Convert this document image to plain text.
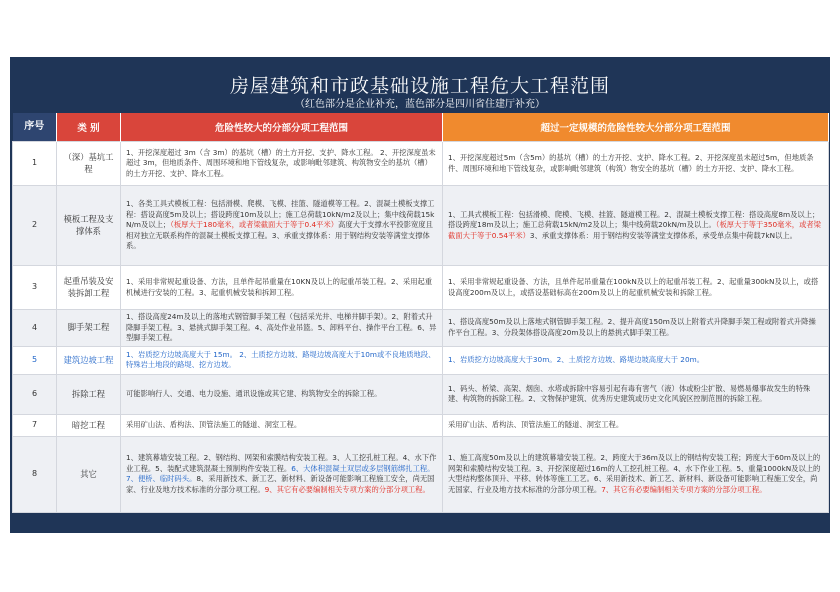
房屋建筑和市政基础设施工程危大工程范围
（红色部分是企业补充，蓝色部分是四川省住建厅补充）
序号	类 别	危险性较大的分部分项工程范围	超过一定规模的危险性较大分部分项工程范围
1	（深）基坑工程	1、开挖深度超过 3m（含 3m）的基坑（槽）的土方开挖、支护、降水工程。 2、开挖深度虽未超过 3m，但地质条件、周围环境和地下管线复杂，或影响毗邻建筑、构筑物安全的基坑（槽）的土方开挖、支护、降水工程。	1、开挖深度超过5m（含5m）的基坑（槽）的土方开挖、支护、降水工程。2、开挖深度虽未超过5m，但地质条件、周围环境和地下管线复杂，或影响毗邻建筑（构筑）物安全的基坑（槽）的土方开挖、支护、降水工程。
2	模板工程及支撑体系	1、各类工具式模板工程：包括滑模、爬模、飞模、挂篮、隧道模等工程。2、混凝土模板支撑工程：搭设高度5m及以上；搭设跨度10m及以上；施工总荷载10kN/m2及以上；集中线荷载15kN/m及以上；（板厚大于180毫米，或者梁截面大于等于0.4平米）高度大于支撑水平投影宽度且相对独立无联系构件的混凝土模板支撑工程。3、承重支撑体系：用于钢结构安装等满堂支撑体系。	1、工具式模板工程：包括滑模、爬模、飞模、挂篮、隧道模工程。2、混凝土模板支撑工程：搭设高度8m及以上；搭设跨度18m及以上；施工总荷载15kN/m2及以上；集中线荷载20kN/m及以上。（板厚大于等于350毫米，或者梁截面大于等于0.54平米）3、承重支撑体系：用于钢结构安装等满堂支撑体系，承受单点集中荷载7kN以上。
3	起重吊装及安装拆卸工程	1、采用非常规起重设备、方法，且单件起吊重量在10KN及以上的起重吊装工程。2、采用起重机械进行安装的工程。3、起重机械安装和拆卸工程。	1、采用非常规起重设备、方法，且单件起吊重量在100kN及以上的起重吊装工程。2、起重量300kN及以上，或搭设高度200m及以上，或搭设基础标高在200m及以上的起重机械安装和拆除工程。
4	脚手架工程	1、搭设高度24m及以上的落地式钢管脚手架工程（包括采光井、电梯井脚手架）。2、附着式升降脚手架工程。3、悬挑式脚手架工程。4、高处作业吊篮。5、卸料平台、操作平台工程。6、异型脚手架工程。	1、搭设高度50m及以上落地式钢管脚手架工程。2、提升高度150m及以上附着式升降脚手架工程或附着式升降操作平台工程。3、分段架体搭设高度20m及以上的悬挑式脚手架工程。
5	建筑边坡工程	1、岩质挖方边坡高度大于 15m。 2、土质挖方边坡、路堤边坡高度大于10m或不良地质地段、特殊岩土地段的路堤、挖方边坡。	1、岩质挖方边坡高度大于30m。2、土质挖方边坡、路堤边坡高度大于 20m。
6	拆除工程	可能影响行人、交通、电力设施、通讯设施或其它建、构筑物安全的拆除工程。	1、码头、桥梁、高架、烟囱、水塔或拆除中容易引起有毒有害气（液）体或粉尘扩散、易燃易爆事故发生的特殊建、构筑物的拆除工程。2、文物保护建筑、优秀历史建筑或历史文化风貌区控制范围的拆除工程。
7	暗挖工程	采用矿山法、盾构法、顶管法施工的隧道、洞室工程。	采用矿山法、盾构法、顶管法施工的隧道、洞室工程。
8	其它	1、建筑幕墙安装工程。2、钢结构、网架和索膜结构安装工程。3、人工挖孔桩工程。4、水下作业工程。5、装配式建筑混凝土预制构件安装工程。6、大体积混凝土双层或多层钢筋绑扎工程。7、便桥、临时码头。8、采用新技术、新工艺、新材料、新设备可能影响工程施工安全，尚无国家、行业及地方技术标准的分部分项工程。9、其它有必要编制相关专项方案的分部分项工程。	1、施工高度50m及以上的建筑幕墙安装工程。2、跨度大于36m及以上的钢结构安装工程；跨度大于60m及以上的网架和索膜结构安装工程。3、开挖深度超过16m的人工挖孔桩工程。4、水下作业工程。5、重量1000kN及以上的大型结构整体顶升、平移、转体等施工工艺。6、采用新技术、新工艺、新材料、新设备可能影响工程施工安全，尚无国家、行业及地方技术标准的分部分项工程。7、其它有必要编制相关专项方案的分部分项工程。
